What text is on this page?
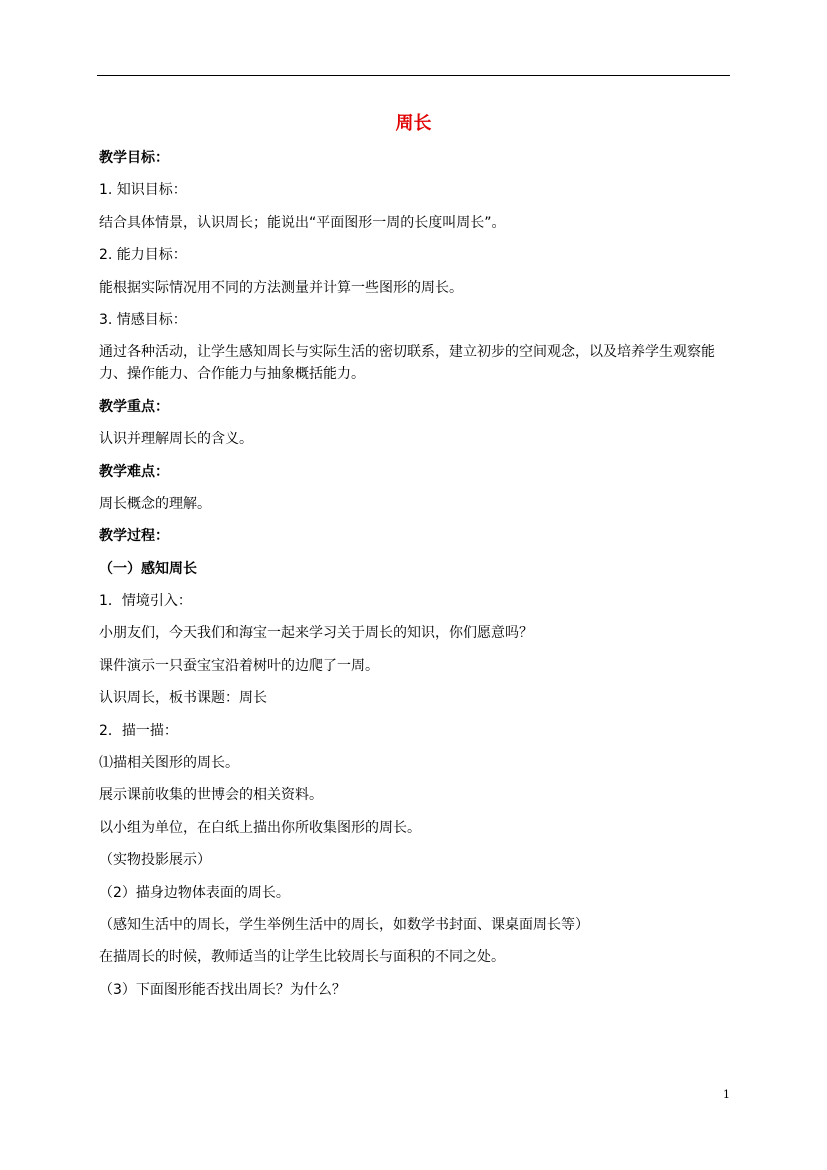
周长
教学目标：
1. 知识目标：
结合具体情景，认识周长；能说出“平面图形一周的长度叫周长”。
2. 能力目标：
能根据实际情况用不同的方法测量并计算一些图形的周长。
3. 情感目标：
通过各种活动，让学生感知周长与实际生活的密切联系，建立初步的空间观念，以及培养学生观察能力、操作能力、合作能力与抽象概括能力。
教学重点：
认识并理解周长的含义。
教学难点：
周长概念的理解。
教学过程：
（一）感知周长
1．情境引入：
小朋友们，今天我们和海宝一起来学习关于周长的知识，你们愿意吗？
课件演示一只蚕宝宝沿着树叶的边爬了一周。
认识周长，板书课题：周长
2．描一描：
⑴描相关图形的周长。
展示课前收集的世博会的相关资料。
以小组为单位，在白纸上描出你所收集图形的周长。
（实物投影展示）
（2）描身边物体表面的周长。
（感知生活中的周长，学生举例生活中的周长，如数学书封面、课桌面周长等）
在描周长的时候，教师适当的让学生比较周长与面积的不同之处。
（3）下面图形能否找出周长？为什么？
1
